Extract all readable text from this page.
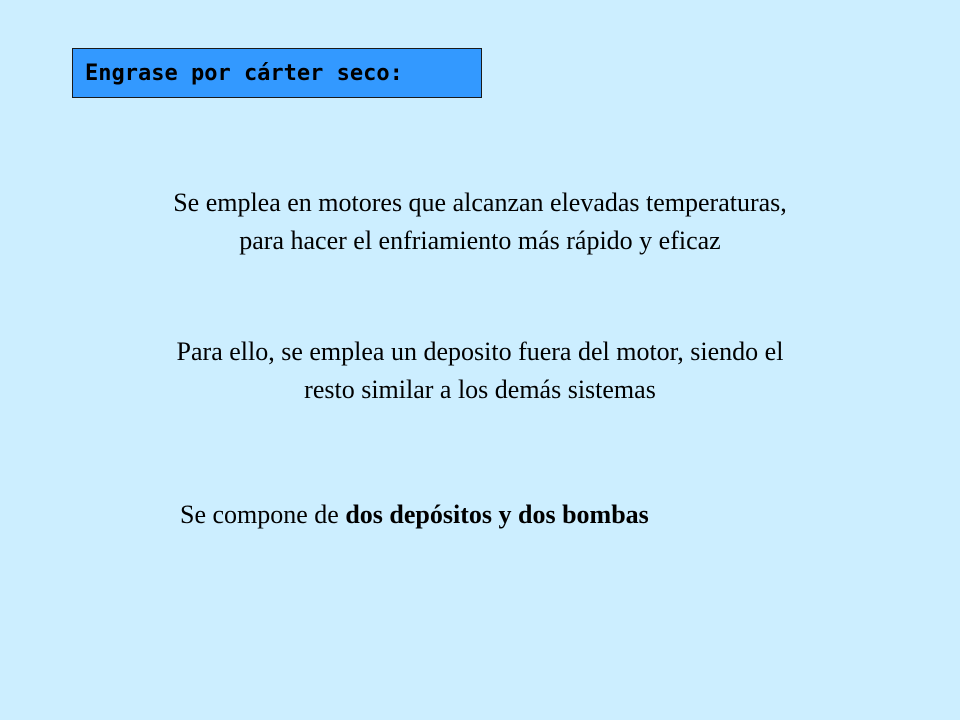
Engrase por cárter seco:
Se emplea en motores que alcanzan elevadas temperaturas,
para hacer el enfriamiento más rápido y eficaz
Para ello, se emplea un deposito fuera del motor, siendo el
resto similar a los demás sistemas
Se compone de dos depósitos y dos bombas
